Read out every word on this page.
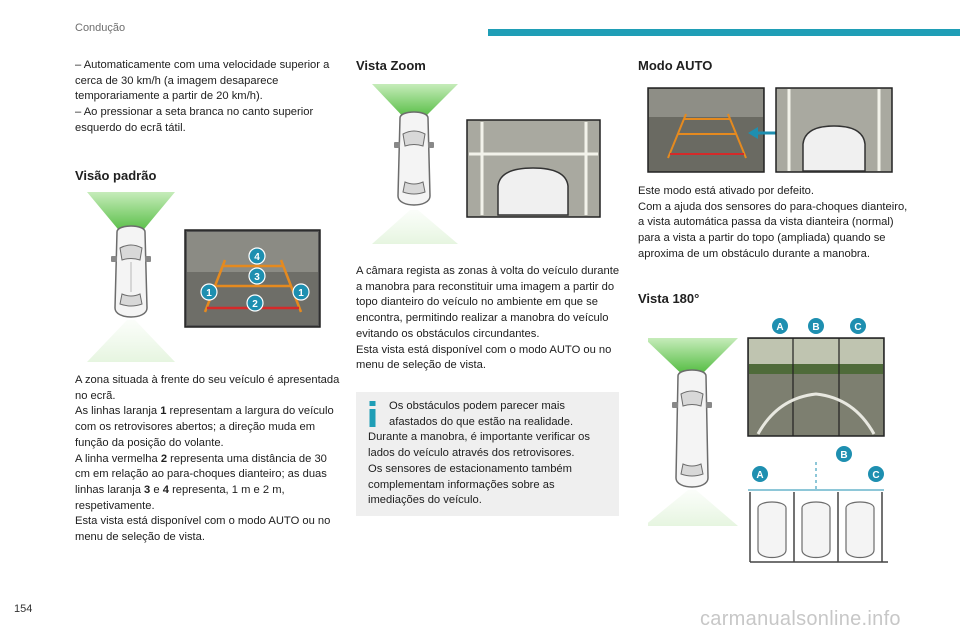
Condução

– Automaticamente com uma velocidade superior a cerca de 30 km/h (a imagem desaparece temporariamente a partir de 20 km/h).

– Ao pressionar a seta branca no canto superior esquerdo do ecrã tátil.

Visão padrão
4
3
1	1
2

A zona situada à frente do seu veículo é apresentada no ecrã.

As linhas laranja 1 representam a largura do veículo com os retrovisores abertos; a direção muda em função da posição do volante.

A linha vermelha 2 representa uma distância de 30 cm em relação ao para-choques dianteiro; as duas linhas laranja 3 e 4 representa, 1 m e 2 m, respetivamente.

Esta vista está disponível com o modo AUTO ou no menu de seleção de vista.

Vista Zoom

A câmara regista as zonas à volta do veículo durante a manobra para reconstituir uma imagem a partir do topo dianteiro do veículo no ambiente em que se encontra, permitindo realizar a manobra do veículo evitando os obstáculos circundantes.

Esta vista está disponível com o modo AUTO ou no menu de seleção de vista.

Os obstáculos podem parecer mais afastados do que estão na realidade.

Durante a manobra, é importante verificar os lados do veículo através dos retrovisores.

Os sensores de estacionamento também complementam informações sobre as imediações do veículo.

Modo AUTO

Este modo está ativado por defeito.

Com a ajuda dos sensores do para-choques dianteiro, a vista automática passa da vista dianteira (normal) para a vista a partir do topo (ampliada) quando se aproxima de um obstáculo durante a manobra.

Vista 180°
A	B	C
B
A	C
154	carmanualsonline.info
